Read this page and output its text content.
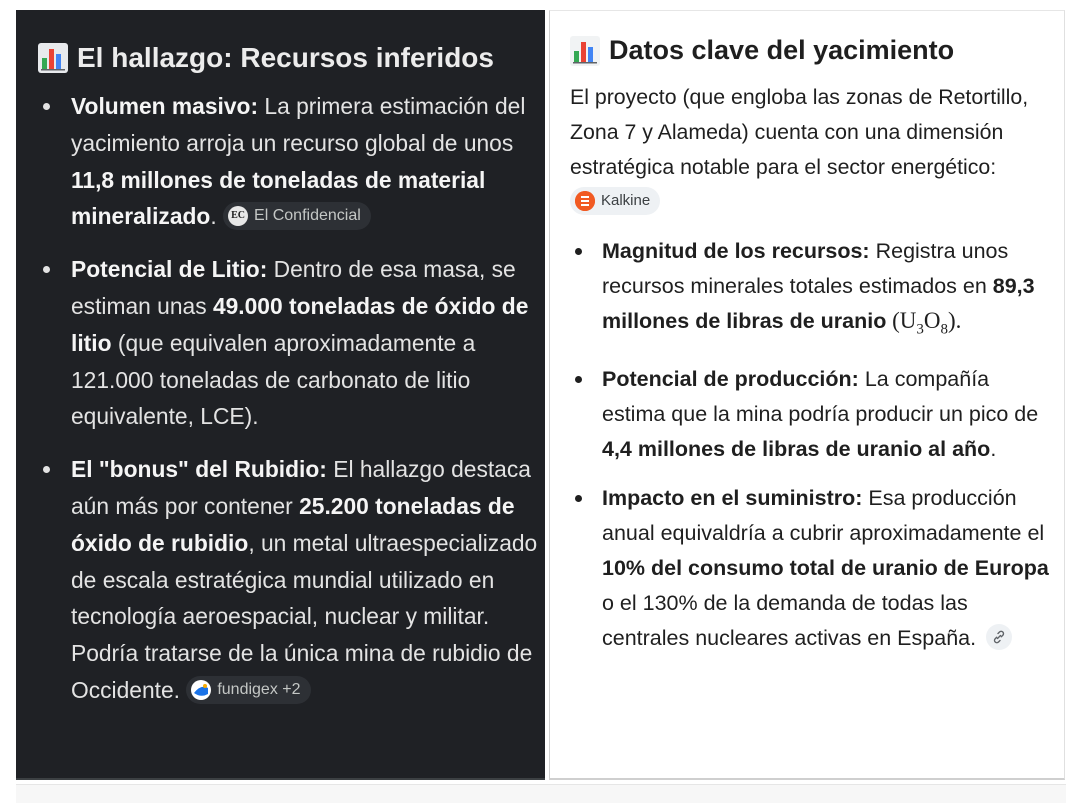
El hallazgo: Recursos inferidos
Volumen masivo: La primera estimación del yacimiento arroja un recurso global de unos 11,8 millones de toneladas de material mineralizado.	EC El Confidencial
Potencial de Litio: Dentro de esa masa, se estiman unas 49.000 toneladas de óxido de litio (que equivalen aproximadamente a 121.000 toneladas de carbonato de litio equivalente, LCE).
El "bonus" del Rubidio: El hallazgo destaca aún más por contener 25.200 toneladas de óxido de rubidio, un metal ultraespecializado de escala estratégica mundial utilizado en tecnología aeroespacial, nuclear y militar. Podría tratarse de la única mina de rubidio de Occidente. fundigex +2
Datos clave del yacimiento

El proyecto (que engloba las zonas de Retortillo, Zona 7 y Alameda) cuenta con una dimensión estratégica notable para el sector energético:
Kalkine

Magnitud de los recursos: Registra unos recursos minerales totales estimados en 89,3 millones de libras de uranio $(U_3O_8)$.
Potencial de producción: La compañía estima que la mina podría producir un pico de 4,4 millones de libras de uranio al año.
Impacto en el suministro: Esa producción anual equivaldría a cubrir aproximadamente el 10% del consumo total de uranio de Europa o el 130% de la demanda de todas las centrales nucleares activas en España.
